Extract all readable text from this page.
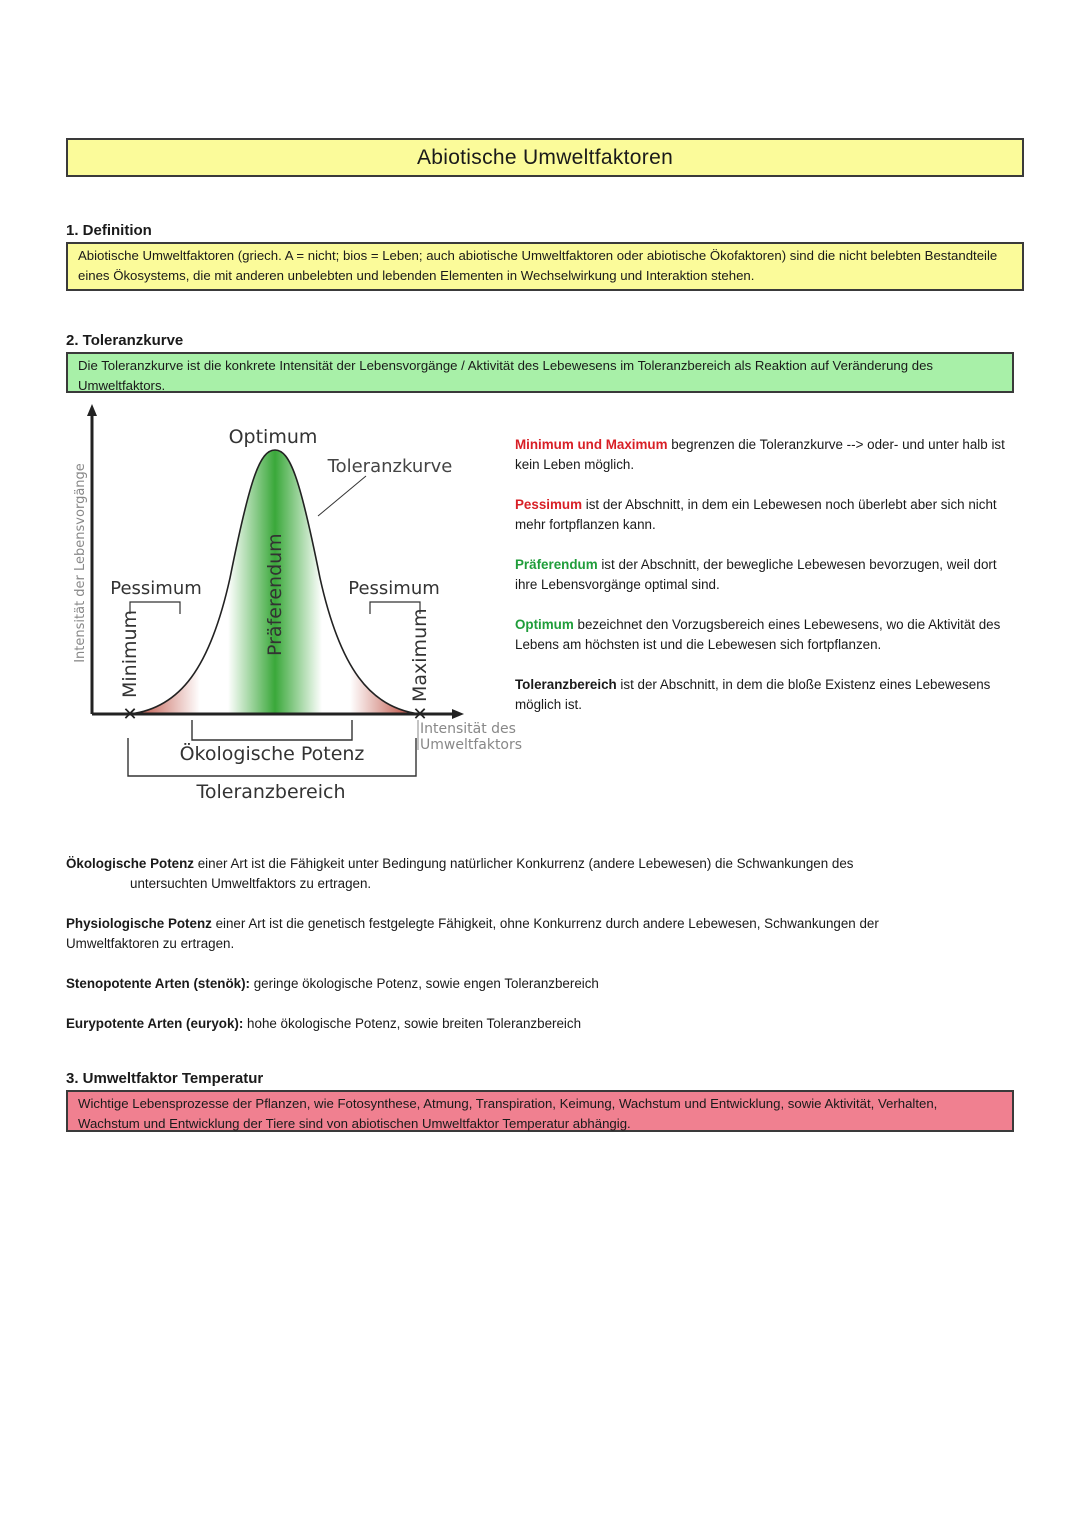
Abiotische Umweltfaktoren
1. Definition
Abiotische Umweltfaktoren (griech. A = nicht; bios = Leben; auch abiotische Umweltfaktoren oder abiotische Ökofaktoren) sind die nicht belebten Bestandteile eines Ökosystems, die mit anderen unbelebten und lebenden Elementen in Wechselwirkung und Interaktion stehen.
2. Toleranzkurve
Die Toleranzkurve ist die konkrete Intensität der Lebensvorgänge / Aktivität des Lebewesens im Toleranzbereich als Reaktion auf Veränderung des Umweltfaktors.
✕	✕
Intensität der Lebensvorgänge
Intensität des
Umweltfaktors
Optimum
Toleranzkurve
Pessimum	Pessimum
Minimum	Maximum
Präferendum
Ökologische Potenz
Toleranzbereich

Minimum und Maximum begrenzen die Toleranzkurve --> oder- und unter halb ist kein Leben möglich.

Pessimum ist der Abschnitt, in dem ein Lebewesen noch überlebt aber sich nicht mehr fortpflanzen kann.

Präferendum ist der Abschnitt, der bewegliche Lebewesen bevorzugen, weil dort ihre Lebensvorgänge optimal sind.

Optimum bezeichnet den Vorzugsbereich eines Lebewesens, wo die Aktivität des Lebens am höchsten ist und die Lebewesen sich fortpflanzen.

Toleranzbereich ist der Abschnitt, in dem die bloße Existenz eines Lebewesens möglich ist.

Ökologische Potenz einer Art ist die Fähigkeit unter Bedingung natürlicher Konkurrenz (andere Lebewesen) die Schwankungen des
untersuchten Umweltfaktors zu ertragen.

Physiologische Potenz einer Art ist die genetisch festgelegte Fähigkeit, ohne Konkurrenz durch andere Lebewesen, Schwankungen der Umweltfaktoren zu ertragen.

Stenopotente Arten (stenök): geringe ökologische Potenz, sowie engen Toleranzbereich

Eurypotente Arten (euryok): hohe ökologische Potenz, sowie breiten Toleranzbereich

3. Umweltfaktor Temperatur
Wichtige Lebensprozesse der Pflanzen, wie Fotosynthese, Atmung, Transpiration, Keimung, Wachstum und Entwicklung, sowie Aktivität, Verhalten, Wachstum und Entwicklung der Tiere sind von abiotischen Umweltfaktor Temperatur abhängig.
